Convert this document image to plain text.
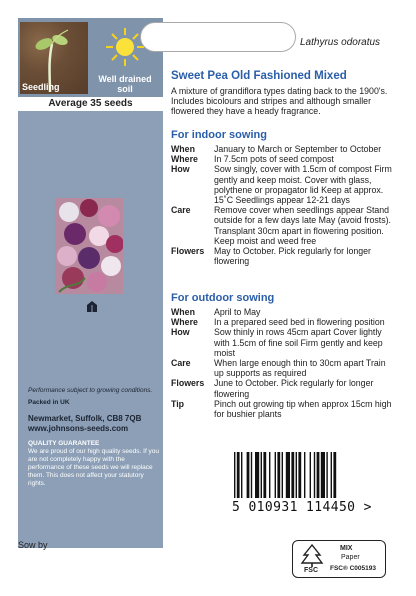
Seedling
Well drained
soil
Average 35 seeds
Performance subject to growing conditions.
Packed in UK
Newmarket, Suffolk, CB8 7QB
www.johnsons-seeds.com
QUALITY GUARANTEE
We are proud of our high quality seeds. If you are not completely happy with the performance of these seeds we will replace them. This does not affect your statutory rights.
Lathyrus odoratus
Sweet Pea Old Fashioned Mixed
A mixture of grandiflora types dating back to the 1900's. Includes bicolours and stripes and although smaller flowered they have a heady fragrance.
For indoor sowing
When	January to March or September to October
Where	In 7.5cm pots of seed compost
How	Sow singly, cover with 1.5cm of compost Firm gently and keep moist. Cover with glass, polythene or propagator lid Keep at approx. 15˚C Seedlings appear 12-21 days
Care	Remove cover when seedlings appear Stand outside for a few days late May (avoid frosts). Transplant 30cm apart in flowering position. Keep moist and weed free
Flowers	May to October. Pick regularly for longer flowering
For outdoor sowing
When	April to May
Where	In a prepared seed bed in flowering position
How	Sow thinly in rows 45cm apart Cover lightly with 1.5cm of fine soil Firm gently and keep moist
Care	When large enough thin to 30cm apart Train up supports as required
Flowers	June to October. Pick regularly for longer flowering
Tip	Pinch out growing tip when approx 15cm high for bushier plants
5 010931 114450 >
Sow by
FSC
MIX
Paper
FSC® C005193
